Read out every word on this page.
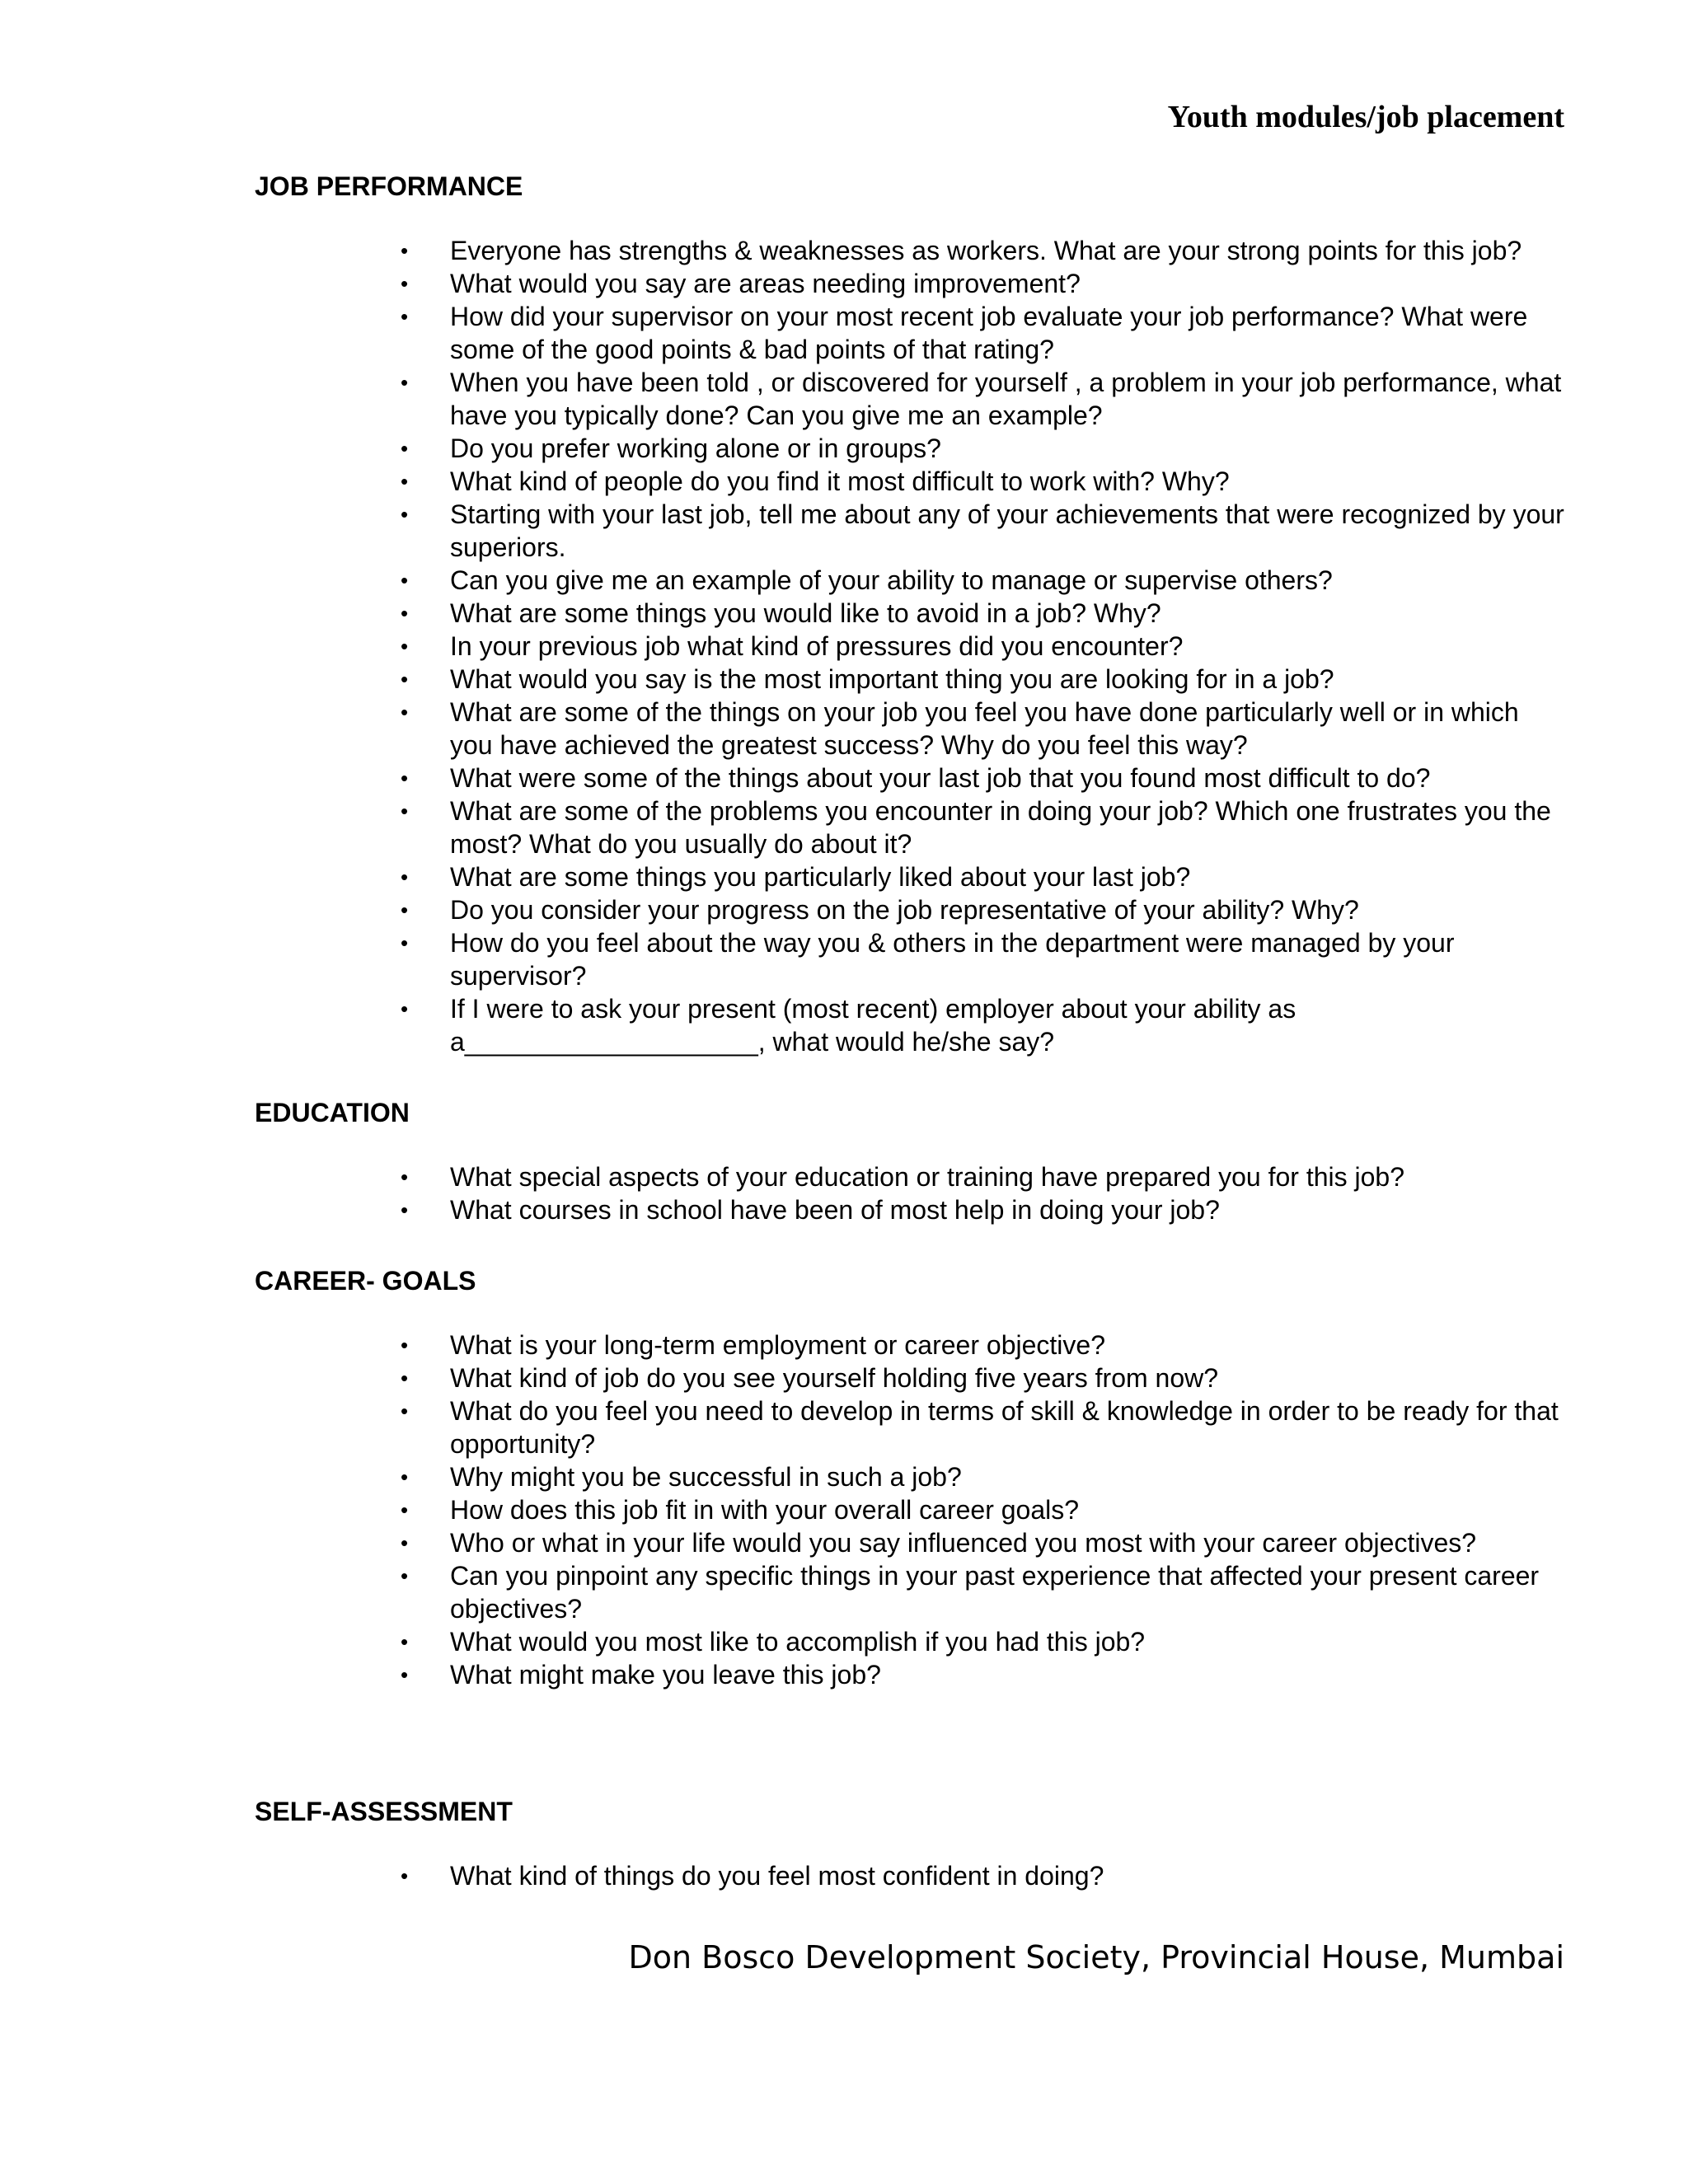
Youth modules/job placement
JOB PERFORMANCE
• Everyone has strengths & weaknesses as workers. What are your strong points for this job?
• What would you say are areas needing improvement?
• How did your supervisor on your most recent job evaluate your job performance? What were some of the good points & bad points of that rating?
• When you have been told , or discovered for yourself , a problem in your job performance, what have you typically done? Can you give me an example?
• Do you prefer working alone or in groups?
• What kind of people do you find it most difficult to work with? Why?
• Starting with your last job, tell me about any of your achievements that were recognized by your superiors.
• Can you give me an example of your ability to manage or supervise others?
• What are some things you would like to avoid in a job? Why?
• In your previous job what kind of pressures did you encounter?
• What would you say is the most important thing you are looking for in a job?
• What are some of the things on your job you feel you have done particularly well or in which you have achieved the greatest success? Why do you feel this way?
• What were some of the things about your last job that you found most difficult to do?
• What are some of the problems you encounter in doing your job? Which one frustrates you the most? What do you usually do about it?
• What are some things you particularly liked about your last job?
• Do you consider your progress on the job representative of your ability? Why?
• How do you feel about the way you & others in the department were managed by your supervisor?
• If I were to ask your present (most recent) employer about your ability as a____________________, what would he/she say?
EDUCATION
• What special aspects of your education or training have prepared you for this job?
• What courses in school have been of most help in doing your job?
CAREER- GOALS
• What is your long-term employment or career objective?
• What kind of job do you see yourself holding five years from now?
• What do you feel you need to develop in terms of skill & knowledge in order to be ready for that opportunity?
• Why might you be successful in such a job?
• How does this job fit in with your overall career goals?
• Who or what in your life would you say influenced you most with your career objectives?
• Can you pinpoint any specific things in your past experience that affected your present career objectives?
• What would you most like to accomplish if you had this job?
• What might make you leave this job?
SELF-ASSESSMENT
• What kind of things do you feel most confident in doing?
Don Bosco Development Society, Provincial House, Mumbai
